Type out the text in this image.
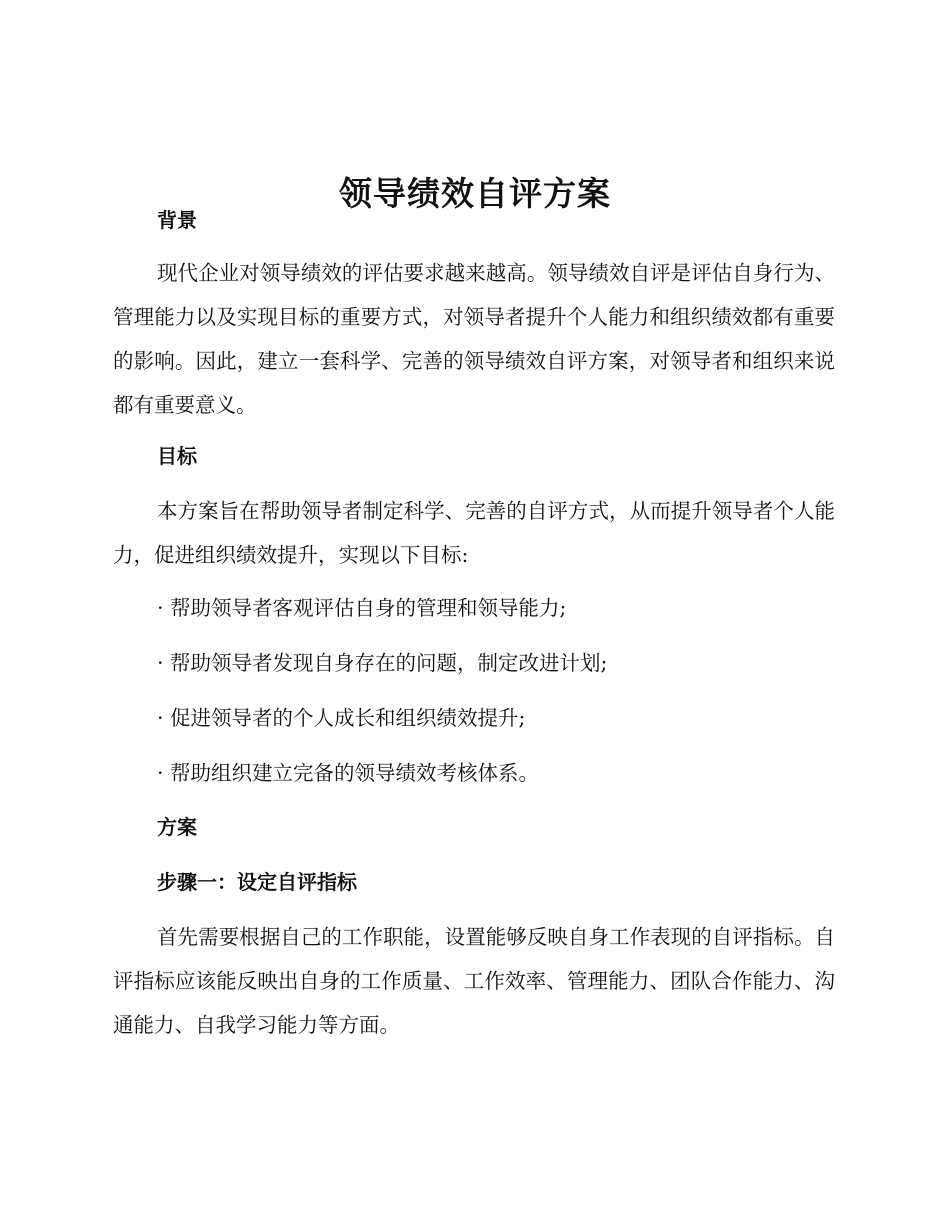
领导绩效自评方案
背景

现代企业对领导绩效的评估要求越来越高。领导绩效自评是评估自身行为、管理能力以及实现目标的重要方式，对领导者提升个人能力和组织绩效都有重要的影响。因此，建立一套科学、完善的领导绩效自评方案，对领导者和组织来说都有重要意义。

目标

本方案旨在帮助领导者制定科学、完善的自评方式，从而提升领导者个人能力，促进组织绩效提升，实现以下目标:

· 帮助领导者客观评估自身的管理和领导能力;

· 帮助领导者发现自身存在的问题，制定改进计划;

· 促进领导者的个人成长和组织绩效提升;

· 帮助组织建立完备的领导绩效考核体系。

方案
步骤一：设定自评指标

首先需要根据自己的工作职能，设置能够反映自身工作表现的自评指标。自评指标应该能反映出自身的工作质量、工作效率、管理能力、团队合作能力、沟通能力、自我学习能力等方面。
